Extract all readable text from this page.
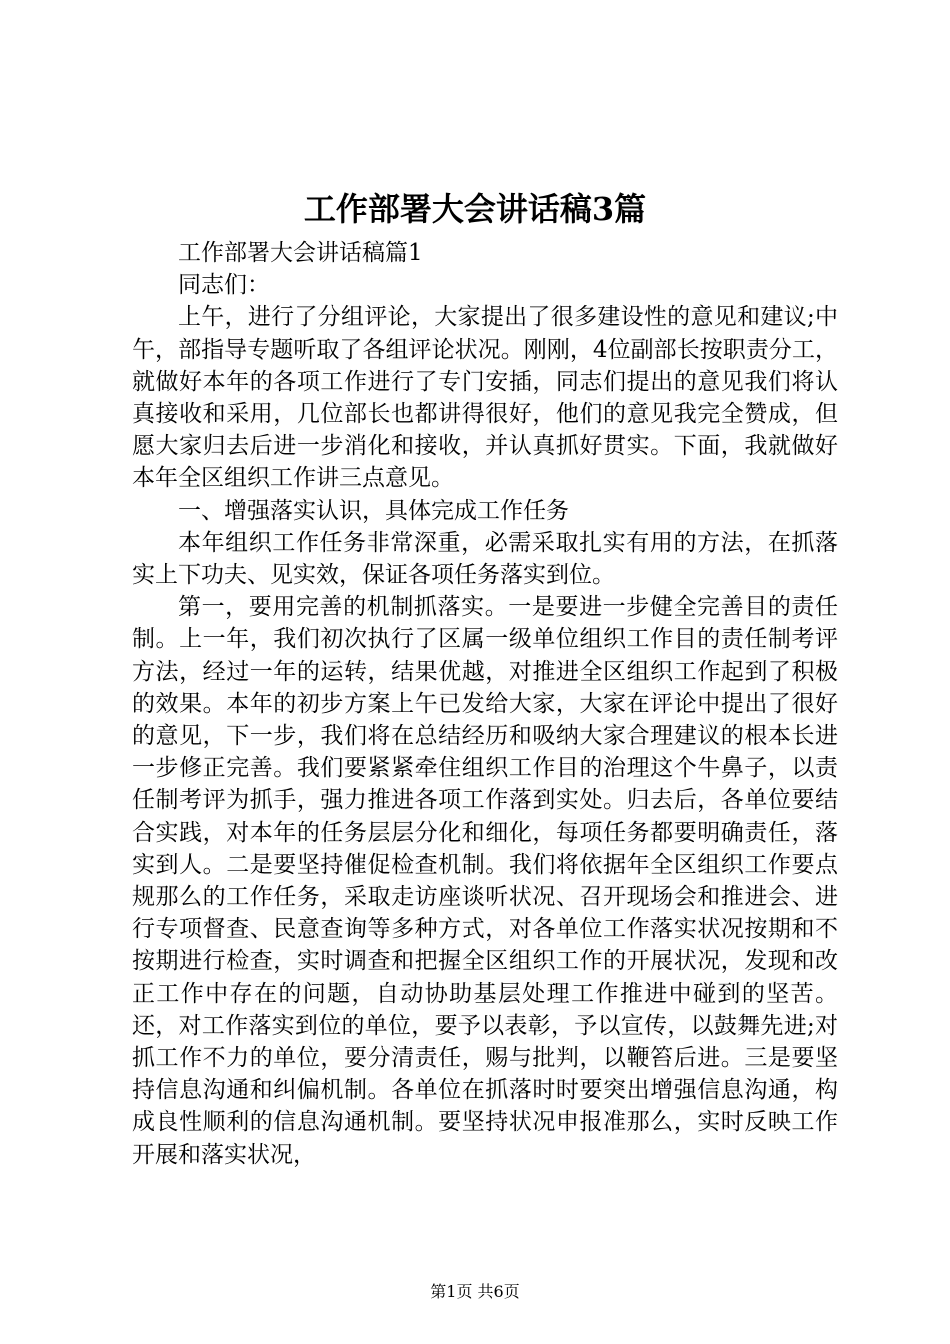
工作部署大会讲话稿3篇

工作部署大会讲话稿篇1

同志们：

上午，进行了分组评论，大家提出了很多建设性的意见和建议;中午，部指导专题听取了各组评论状况。刚刚，4位副部长按职责分工，就做好本年的各项工作进行了专门安插，同志们提出的意见我们将认真接收和采用，几位部长也都讲得很好，他们的意见我完全赞成，但愿大家归去后进一步消化和接收，并认真抓好贯实。下面，我就做好本年全区组织工作讲三点意见。

一、增强落实认识，具体完成工作任务

本年组织工作任务非常深重，必需采取扎实有用的方法，在抓落实上下功夫、见实效，保证各项任务落实到位。

第一，要用完善的机制抓落实。一是要进一步健全完善目的责任制。上一年，我们初次执行了区属一级单位组织工作目的责任制考评方法，经过一年的运转，结果优越，对推进全区组织工作起到了积极的效果。本年的初步方案上午已发给大家，大家在评论中提出了很好的意见，下一步，我们将在总结经历和吸纳大家合理建议的根本长进一步修正完善。我们要紧紧牵住组织工作目的治理这个牛鼻子，以责任制考评为抓手，强力推进各项工作落到实处。归去后，各单位要结合实践，对本年的任务层层分化和细化，每项任务都要明确责任，落实到人。二是要坚持催促检查机制。我们将依据年全区组织工作要点规那么的工作任务，采取走访座谈听状况、召开现场会和推进会、进行专项督查、民意查询等多种方式，对各单位工作落实状况按期和不按期进行检查，实时调查和把握全区组织工作的开展状况，发现和改正工作中存在的问题，自动协助基层处理工作推进中碰到的坚苦。还，对工作落实到位的单位，要予以表彰，予以宣传，以鼓舞先进;对抓工作不力的单位，要分清责任，赐与批判，以鞭笞后进。三是要坚持信息沟通和纠偏机制。各单位在抓落时时要突出增强信息沟通，构成良性顺利的信息沟通机制。要坚持状况申报准那么，实时反映工作开展和落实状况，

第1页 共6页
